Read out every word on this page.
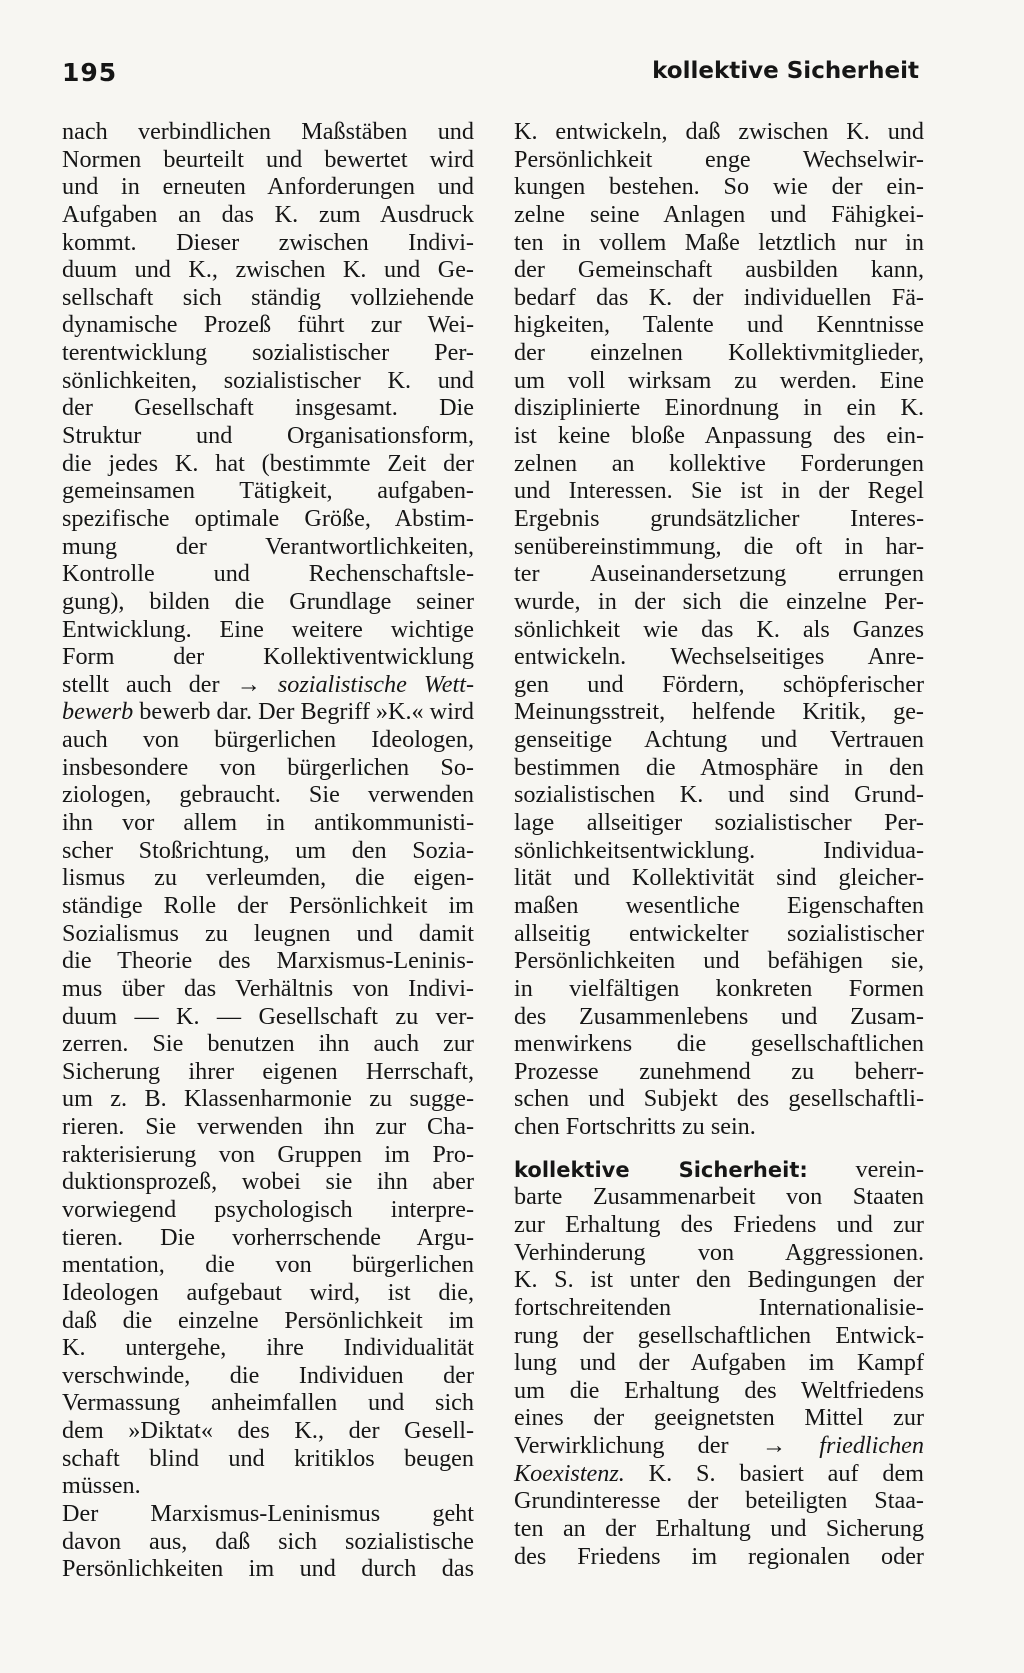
195	kollektive Sicherheit
nach verbindlichen Maßstäben und
Normen beurteilt und bewertet wird
und in erneuten Anforderungen und
Aufgaben an das K. zum Ausdruck
kommt. Dieser zwischen Indivi-
duum und K., zwischen K. und Ge-
sellschaft sich ständig vollziehende
dynamische Prozeß führt zur Wei-
terentwicklung sozialistischer Per-
sönlichkeiten, sozialistischer K. und
der Gesellschaft insgesamt. Die
Struktur und Organisationsform,
die jedes K. hat (bestimmte Zeit der
gemeinsamen Tätigkeit, aufgaben-
spezifische optimale Größe, Abstim-
mung der Verantwortlichkeiten,
Kontrolle und Rechenschaftsle-
gung), bilden die Grundlage seiner
Entwicklung. Eine weitere wichtige
Form der Kollektiventwicklung
stellt auch der → sozialistische Wett-
bewerb bewerb dar. Der Begriff »K.« wird
auch von bürgerlichen Ideologen,
insbesondere von bürgerlichen So-
ziologen, gebraucht. Sie verwenden
ihn vor allem in antikommunisti-
scher Stoßrichtung, um den Sozia-
lismus zu verleumden, die eigen-
ständige Rolle der Persönlichkeit im
Sozialismus zu leugnen und damit
die Theorie des Marxismus-Leninis-
mus über das Verhältnis von Indivi-
duum — K. — Gesellschaft zu ver-
zerren. Sie benutzen ihn auch zur
Sicherung ihrer eigenen Herrschaft,
um z. B. Klassenharmonie zu sugge-
rieren. Sie verwenden ihn zur Cha-
rakterisierung von Gruppen im Pro-
duktionsprozeß, wobei sie ihn aber
vorwiegend psychologisch interpre-
tieren. Die vorherrschende Argu-
mentation, die von bürgerlichen
Ideologen aufgebaut wird, ist die,
daß die einzelne Persönlichkeit im
K. untergehe, ihre Individualität
verschwinde, die Individuen der
Vermassung anheimfallen und sich
dem »Diktat« des K., der Gesell-
schaft blind und kritiklos beugen
müssen.
Der Marxismus-Leninismus geht
davon aus, daß sich sozialistische
Persönlichkeiten im und durch das
K. entwickeln, daß zwischen K. und
Persönlichkeit enge Wechselwir-
kungen bestehen. So wie der ein-
zelne seine Anlagen und Fähigkei-
ten in vollem Maße letztlich nur in
der Gemeinschaft ausbilden kann,
bedarf das K. der individuellen Fä-
higkeiten, Talente und Kenntnisse
der einzelnen Kollektivmitglieder,
um voll wirksam zu werden. Eine
disziplinierte Einordnung in ein K.
ist keine bloße Anpassung des ein-
zelnen an kollektive Forderungen
und Interessen. Sie ist in der Regel
Ergebnis grundsätzlicher Interes-
senübereinstimmung, die oft in har-
ter Auseinandersetzung errungen
wurde, in der sich die einzelne Per-
sönlichkeit wie das K. als Ganzes
entwickeln. Wechselseitiges Anre-
gen und Fördern, schöpferischer
Meinungsstreit, helfende Kritik, ge-
genseitige Achtung und Vertrauen
bestimmen die Atmosphäre in den
sozialistischen K. und sind Grund-
lage allseitiger sozialistischer Per-
sönlichkeitsentwicklung. Individua-
lität und Kollektivität sind gleicher-
maßen wesentliche Eigenschaften
allseitig entwickelter sozialistischer
Persönlichkeiten und befähigen sie,
in vielfältigen konkreten Formen
des Zusammenlebens und Zusam-
menwirkens die gesellschaftlichen
Prozesse zunehmend zu beherr-
schen und Subjekt des gesellschaftli-
chen Fortschritts zu sein.
kollektive Sicherheit: verein-
barte Zusammenarbeit von Staaten
zur Erhaltung des Friedens und zur
Verhinderung von Aggressionen.
K. S. ist unter den Bedingungen der
fortschreitenden Internationalisie-
rung der gesellschaftlichen Entwick-
lung und der Aufgaben im Kampf
um die Erhaltung des Weltfriedens
eines der geeignetsten Mittel zur
Verwirklichung der → friedlichen
Koexistenz. K. S. basiert auf dem
Grundinteresse der beteiligten Staa-
ten an der Erhaltung und Sicherung
des Friedens im regionalen oder
